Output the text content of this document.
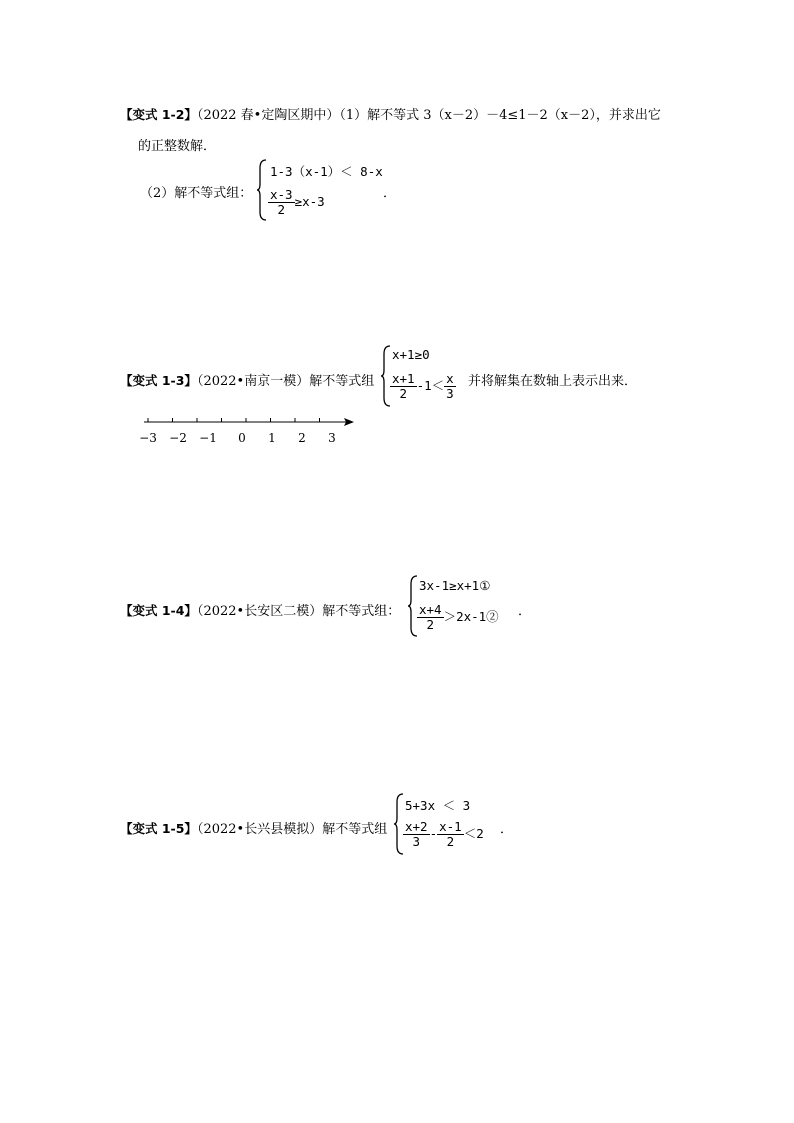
【变式 1-2】（2022 春•定陶区期中）（1）解不等式 3（x－2）－4≤1－2（x－2），并求出它
的正整数解．
（2）解不等式组：
1-3（x-1）＜ 8-x
$\frac{x-3}{2} \ge x-3$
．
【变式 1-3】（2022•南京一模）解不等式组
x+1≥0
$\frac{x+1}{2} -1< \frac{x}{3}$ 并将解集在数轴上表示出来．
−3 −2 −1 0 1 2 3
【变式 1-4】（2022•长安区二模）解不等式组：
3x-1≥x+1①
$\frac{x+4}{2}$ ＞2x-1② ．
【变式 1-5】（2022•长兴县模拟）解不等式组
5+3x ＜ 3
$\frac{x+2}{3} - \frac{x-1}{2} <2$ ．
